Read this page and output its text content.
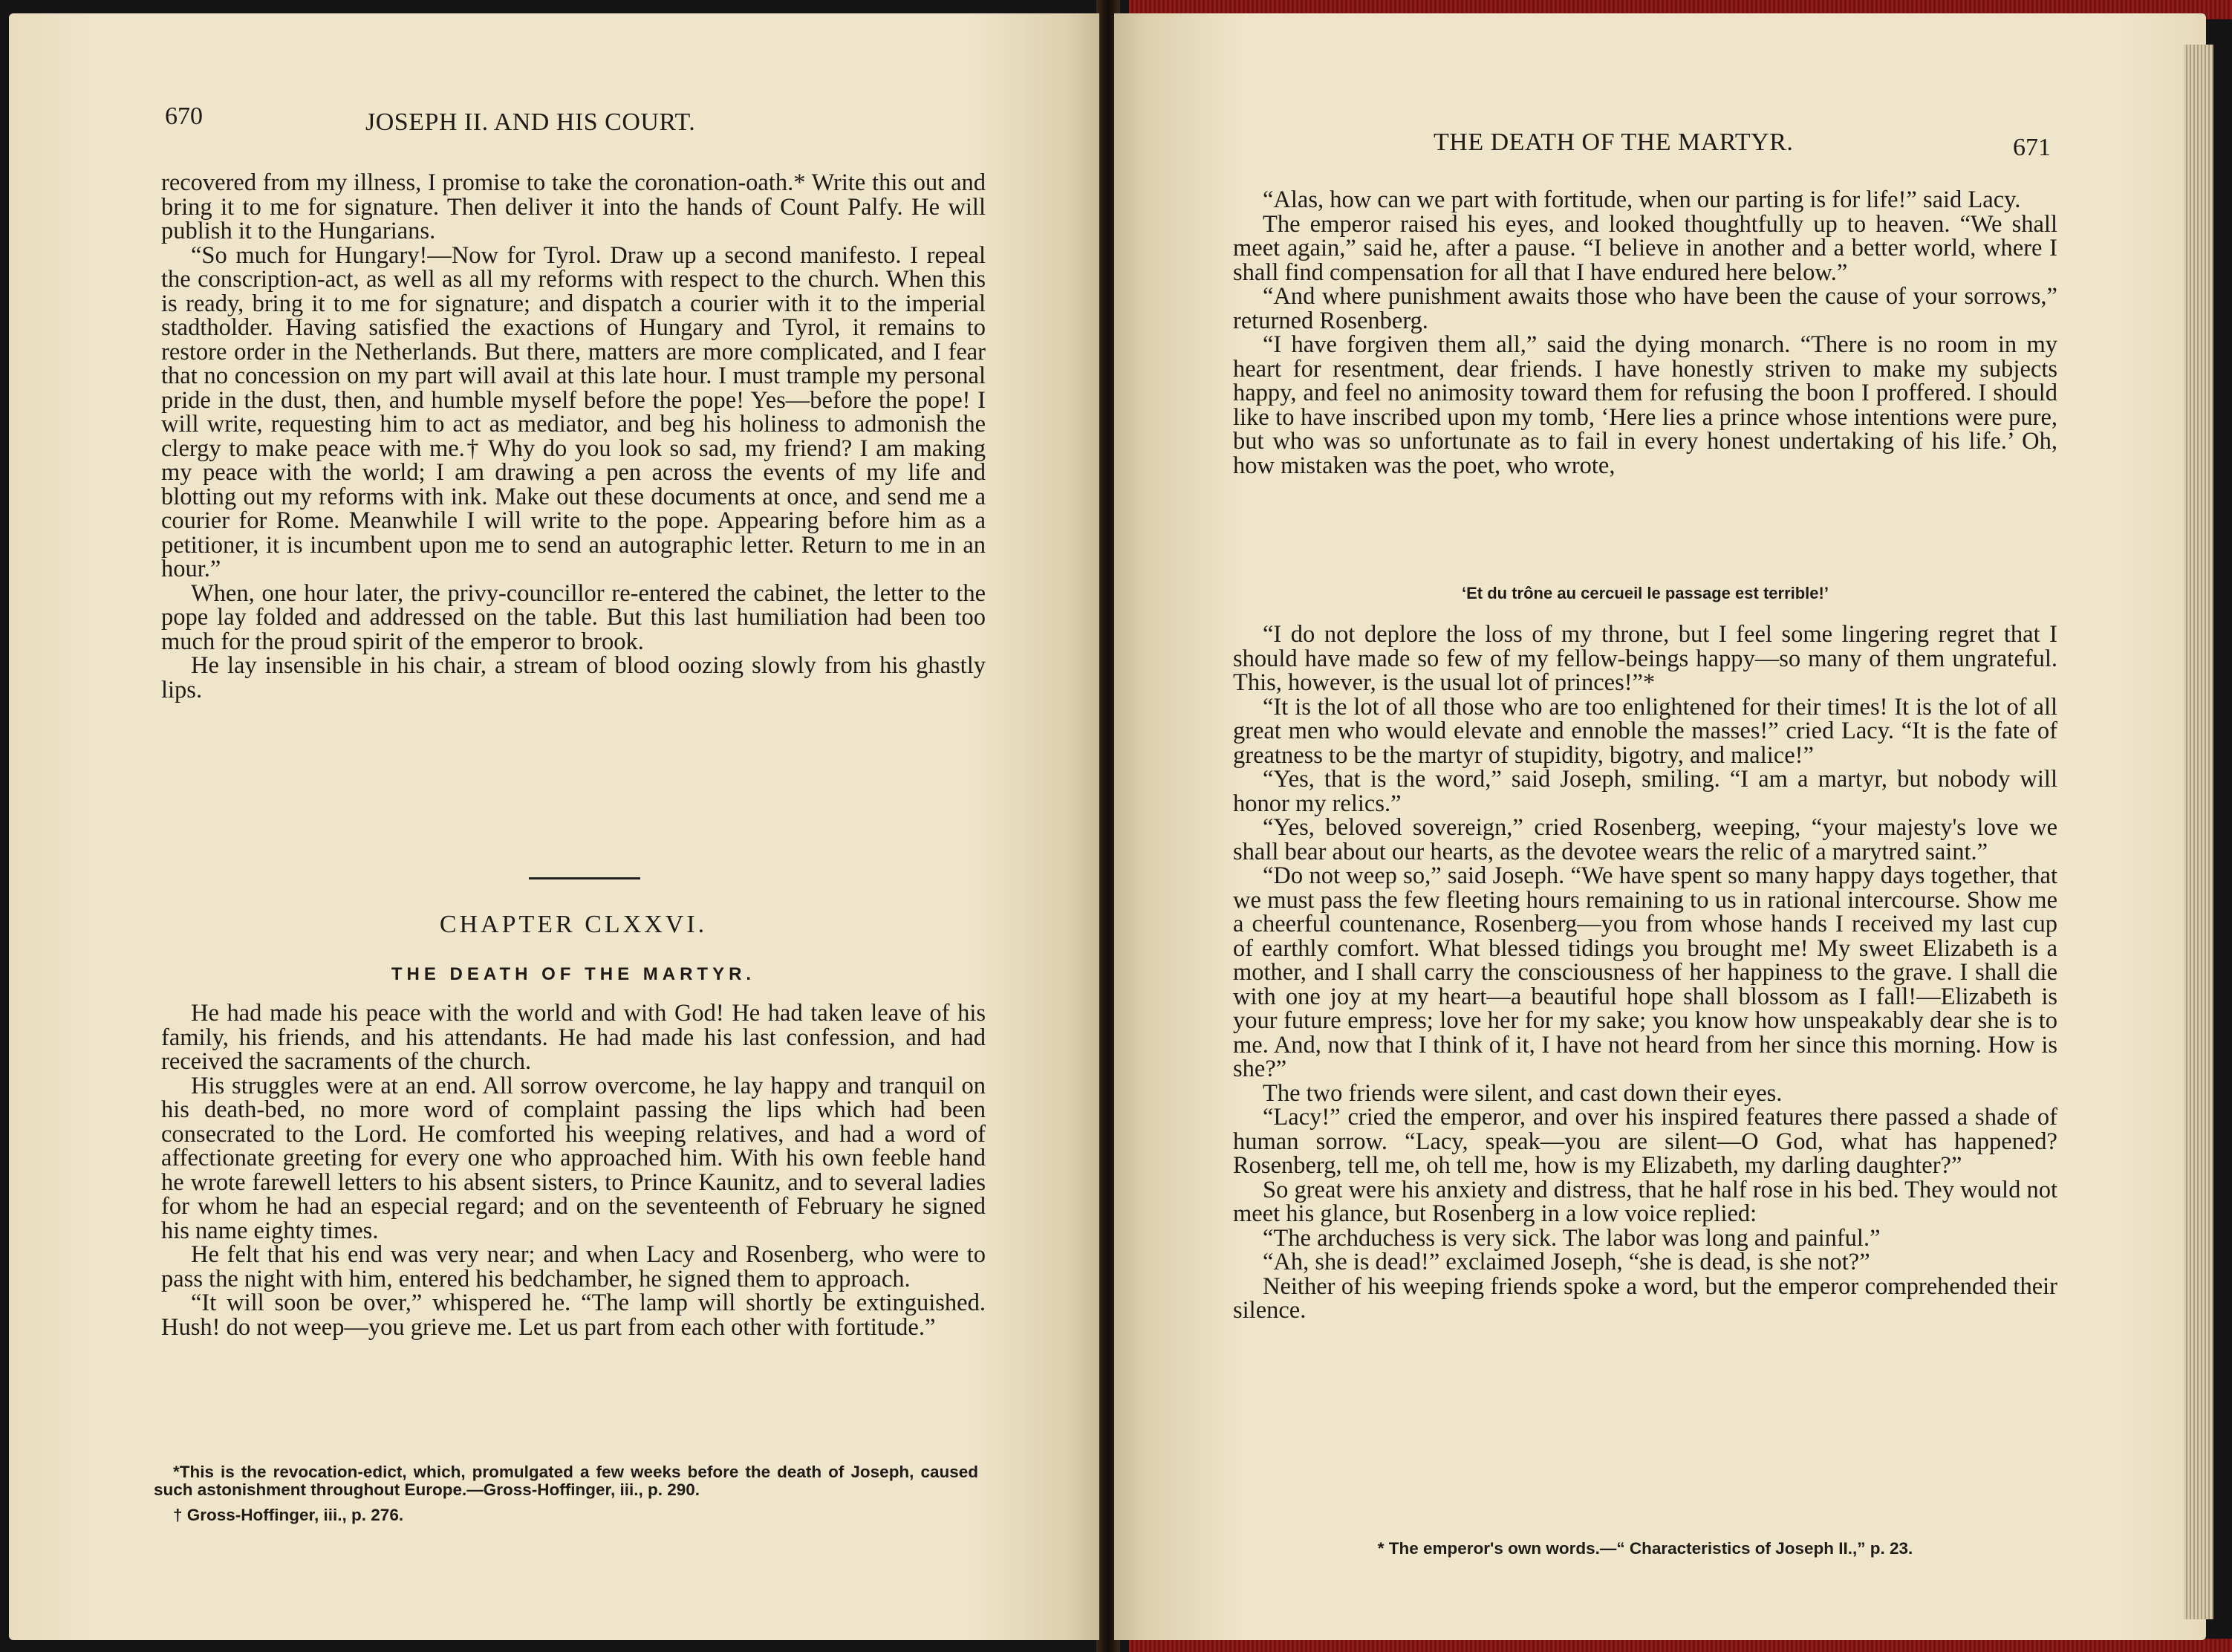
670	JOSEPH II. AND HIS COURT.

recovered from my illness, I promise to take the coronation-oath.* Write this out and bring it to me for signature. Then deliver it into the hands of Count Palfy. He will publish it to the Hungarians.

“So much for Hungary!—Now for Tyrol. Draw up a second manifesto. I repeal the conscription-act, as well as all my reforms with respect to the church. When this is ready, bring it to me for signature; and dispatch a courier with it to the imperial stadtholder. Having satisfied the exactions of Hungary and Tyrol, it remains to restore order in the Netherlands. But there, matters are more complicated, and I fear that no concession on my part will avail at this late hour. I must trample my personal pride in the dust, then, and humble myself before the pope! Yes—before the pope! I will write, requesting him to act as mediator, and beg his holiness to admonish the clergy to make peace with me.† Why do you look so sad, my friend? I am making my peace with the world; I am drawing a pen across the events of my life and blotting out my reforms with ink. Make out these documents at once, and send me a courier for Rome. Meanwhile I will write to the pope. Appearing before him as a petitioner, it is incumbent upon me to send an autographic letter. Return to me in an hour.”

When, one hour later, the privy-councillor re-entered the cabinet, the letter to the pope lay folded and addressed on the table. But this last humiliation had been too much for the proud spirit of the emperor to brook.

He lay insensible in his chair, a stream of blood oozing slowly from his ghastly lips.

CHAPTER CLXXVI.
THE DEATH OF THE MARTYR.

He had made his peace with the world and with God! He had taken leave of his family, his friends, and his attendants. He had made his last confession, and had received the sacraments of the church.

His struggles were at an end. All sorrow overcome, he lay happy and tranquil on his death-bed, no more word of complaint passing the lips which had been consecrated to the Lord. He comforted his weeping relatives, and had a word of affectionate greeting for every one who approached him. With his own feeble hand he wrote farewell letters to his absent sisters, to Prince Kaunitz, and to several ladies for whom he had an especial regard; and on the seventeenth of February he signed his name eighty times.

He felt that his end was very near; and when Lacy and Rosenberg, who were to pass the night with him, entered his bedchamber, he signed them to approach.

“It will soon be over,” whispered he. “The lamp will shortly be extinguished. Hush! do not weep—you grieve me. Let us part from each other with fortitude.”

*This is the revocation-edict, which, promulgated a few weeks before the death of Joseph, caused such astonishment throughout Europe.—Gross-Hoffinger, iii., p. 290.

† Gross-Hoffinger, iii., p. 276.

THE DEATH OF THE MARTYR.	671

“Alas, how can we part with fortitude, when our parting is for life!” said Lacy.

The emperor raised his eyes, and looked thoughtfully up to heaven. “We shall meet again,” said he, after a pause. “I believe in another and a better world, where I shall find compensation for all that I have endured here below.”

“And where punishment awaits those who have been the cause of your sorrows,” returned Rosenberg.

“I have forgiven them all,” said the dying monarch. “There is no room in my heart for resentment, dear friends. I have honestly striven to make my subjects happy, and feel no animosity toward them for refusing the boon I proffered. I should like to have inscribed upon my tomb, ‘Here lies a prince whose intentions were pure, but who was so unfortunate as to fail in every honest undertaking of his life.’ Oh, how mistaken was the poet, who wrote,

‘Et du trône au cercueil le passage est terrible!’

“I do not deplore the loss of my throne, but I feel some lingering regret that I should have made so few of my fellow-beings happy—so many of them ungrateful. This, however, is the usual lot of princes!”*

“It is the lot of all those who are too enlightened for their times! It is the lot of all great men who would elevate and ennoble the masses!” cried Lacy. “It is the fate of greatness to be the martyr of stupidity, bigotry, and malice!”

“Yes, that is the word,” said Joseph, smiling. “I am a martyr, but nobody will honor my relics.”

“Yes, beloved sovereign,” cried Rosenberg, weeping, “your majesty's love we shall bear about our hearts, as the devotee wears the relic of a marytred saint.”

“Do not weep so,” said Joseph. “We have spent so many happy days together, that we must pass the few fleeting hours remaining to us in rational intercourse. Show me a cheerful countenance, Rosenberg—you from whose hands I received my last cup of earthly comfort. What blessed tidings you brought me! My sweet Elizabeth is a mother, and I shall carry the consciousness of her happiness to the grave. I shall die with one joy at my heart—a beautiful hope shall blossom as I fall!—Elizabeth is your future empress; love her for my sake; you know how unspeakably dear she is to me. And, now that I think of it, I have not heard from her since this morning. How is she?”

The two friends were silent, and cast down their eyes.

“Lacy!” cried the emperor, and over his inspired features there passed a shade of human sorrow. “Lacy, speak—you are silent—O God, what has happened? Rosenberg, tell me, oh tell me, how is my Elizabeth, my darling daughter?”

So great were his anxiety and distress, that he half rose in his bed. They would not meet his glance, but Rosenberg in a low voice replied:

“The archduchess is very sick. The labor was long and painful.”

“Ah, she is dead!” exclaimed Joseph, “she is dead, is she not?”

Neither of his weeping friends spoke a word, but the emperor comprehended their silence.

* The emperor's own words.—“ Characteristics of Joseph II.,” p. 23.
